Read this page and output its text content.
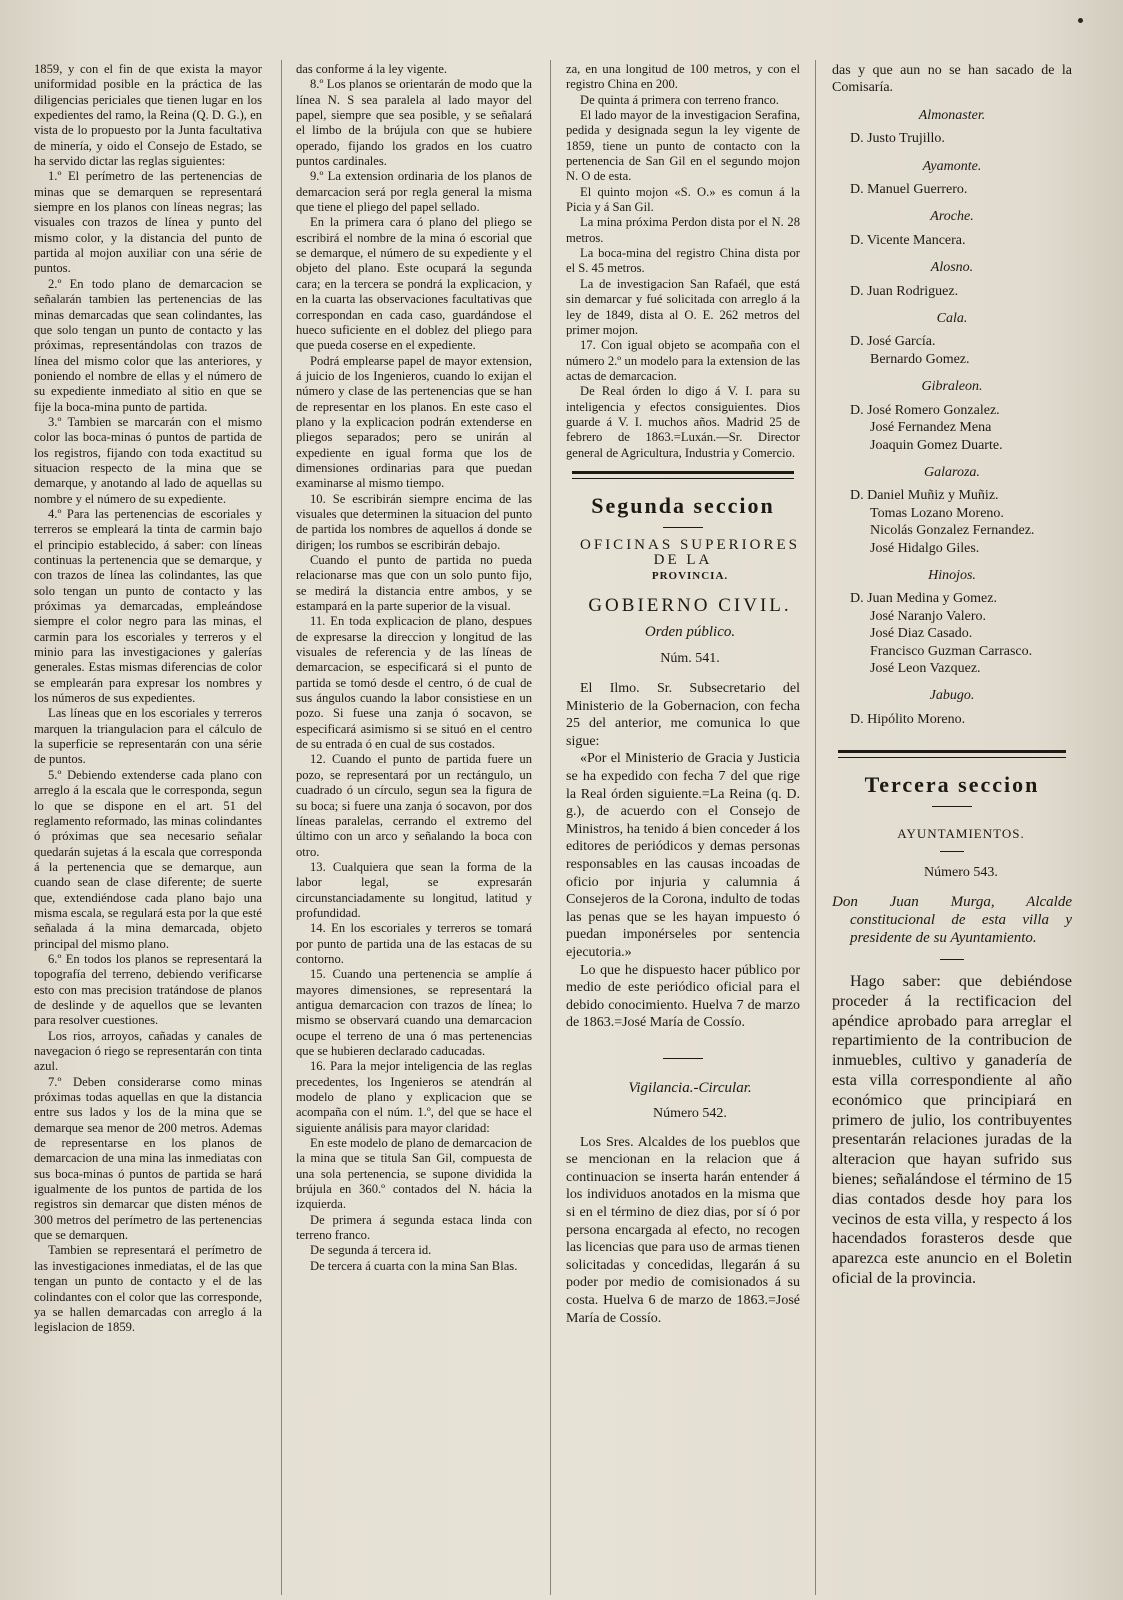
1859, y con el fin de que exista la mayor uniformidad posible en la práctica de las diligencias periciales que tienen lugar en los expedientes del ramo, la Reina (Q. D. G.), en vista de lo propuesto por la Junta facultativa de minería, y oido el Consejo de Estado, se ha servido dictar las reglas siguientes:

1.º El perímetro de las pertenencias de minas que se demarquen se representará siempre en los planos con líneas negras; las visuales con trazos de línea y punto del mismo color, y la distancia del punto de partida al mojon auxiliar con una série de puntos.

2.º En todo plano de demarcacion se señalarán tambien las pertenencias de las minas demarcadas que sean colindantes, las que solo tengan un punto de contacto y las próximas, representándolas con trazos de línea del mismo color que las anteriores, y poniendo el nombre de ellas y el número de su expediente inmediato al sitio en que se fije la boca-mina punto de partida.

3.º Tambien se marcarán con el mismo color las boca-minas ó puntos de partida de los registros, fijando con toda exactitud su situacion respecto de la mina que se demarque, y anotando al lado de aquellas su nombre y el número de su expediente.

4.º Para las pertenencias de escoriales y terreros se empleará la tinta de carmin bajo el principio establecido, á saber: con líneas continuas la pertenencia que se demarque, y con trazos de línea las colindantes, las que solo tengan un punto de contacto y las próximas ya demarcadas, empleándose siempre el color negro para las minas, el carmin para los escoriales y terreros y el minio para las investigaciones y galerías generales. Estas mismas diferencias de color se emplearán para expresar los nombres y los números de sus expedientes.

Las líneas que en los escoriales y terreros marquen la triangulacion para el cálculo de la superficie se representarán con una série de puntos.

5.º Debiendo extenderse cada plano con arreglo á la escala que le corresponda, segun lo que se dispone en el art. 51 del reglamento reformado, las minas colindantes ó próximas que sea necesario señalar quedarán sujetas á la escala que corresponda á la pertenencia que se demarque, aun cuando sean de clase diferente; de suerte que, extendiéndose cada plano bajo una misma escala, se regulará esta por la que esté señalada á la mina demarcada, objeto principal del mismo plano.

6.º En todos los planos se representará la topografía del terreno, debiendo verificarse esto con mas precision tratándose de planos de deslinde y de aquellos que se levanten para resolver cuestiones.

Los rios, arroyos, cañadas y canales de navegacion ó riego se representarán con tinta azul.

7.º Deben considerarse como minas próximas todas aquellas en que la distancia entre sus lados y los de la mina que se demarque sea menor de 200 metros. Ademas de representarse en los planos de demarcacion de una mina las inmediatas con sus boca-minas ó puntos de partida se hará igualmente de los puntos de partida de los registros sin demarcar que disten ménos de 300 metros del perímetro de las pertenencias que se demarquen.

Tambien se representará el perímetro de las investigaciones inmediatas, el de las que tengan un punto de contacto y el de las colindantes con el color que las corresponde, ya se hallen demarcadas con arreglo á la legislacion de 1859.

das conforme á la ley vigente.

8.º Los planos se orientarán de modo que la línea N. S sea paralela al lado mayor del papel, siempre que sea posible, y se señalará el limbo de la brújula con que se hubiere operado, fijando los grados en los cuatro puntos cardinales.

9.º La extension ordinaria de los planos de demarcacion será por regla general la misma que tiene el pliego del papel sellado.

En la primera cara ó plano del pliego se escribirá el nombre de la mina ó escorial que se demarque, el número de su expediente y el objeto del plano. Este ocupará la segunda cara; en la tercera se pondrá la explicacion, y en la cuarta las observaciones facultativas que correspondan en cada caso, guardándose el hueco suficiente en el doblez del pliego para que pueda coserse en el expediente.

Podrá emplearse papel de mayor extension, á juicio de los Ingenieros, cuando lo exijan el número y clase de las pertenencias que se han de representar en los planos. En este caso el plano y la explicacion podrán extenderse en pliegos separados; pero se unirán al expediente en igual forma que los de dimensiones ordinarias para que puedan examinarse al mismo tiempo.

10. Se escribirán siempre encima de las visuales que determinen la situacion del punto de partida los nombres de aquellos á donde se dirigen; los rumbos se escribirán debajo.

Cuando el punto de partida no pueda relacionarse mas que con un solo punto fijo, se medirá la distancia entre ambos, y se estampará en la parte superior de la visual.

11. En toda explicacion de plano, despues de expresarse la direccion y longitud de las visuales de referencia y de las líneas de demarcacion, se especificará si el punto de partida se tomó desde el centro, ó de cual de sus ángulos cuando la labor consistiese en un pozo. Si fuese una zanja ó socavon, se especificará asimismo si se situó en el centro de su entrada ó en cual de sus costados.

12. Cuando el punto de partida fuere un pozo, se representará por un rectángulo, un cuadrado ó un círculo, segun sea la figura de su boca; si fuere una zanja ó socavon, por dos líneas paralelas, cerrando el extremo del último con un arco y señalando la boca con otro.

13. Cualquiera que sean la forma de la labor legal, se expresarán circunstanciadamente su longitud, latitud y profundidad.

14. En los escoriales y terreros se tomará por punto de partida una de las estacas de su contorno.

15. Cuando una pertenencia se amplíe á mayores dimensiones, se representará la antigua demarcacion con trazos de línea; lo mismo se observará cuando una demarcacion ocupe el terreno de una ó mas pertenencias que se hubieren declarado caducadas.

16. Para la mejor inteligencia de las reglas precedentes, los Ingenieros se atendrán al modelo de plano y explicacion que se acompaña con el núm. 1.º, del que se hace el siguiente análisis para mayor claridad:

En este modelo de plano de demarcacion de la mina que se titula San Gil, compuesta de una sola pertenencia, se supone dividida la brújula en 360.º contados del N. hácia la izquierda.

De primera á segunda estaca linda con terreno franco.

De segunda á tercera id.

De tercera á cuarta con la mina San Blas.

za, en una longitud de 100 metros, y con el registro China en 200.

De quinta á primera con terreno franco.

El lado mayor de la investigacion Serafina, pedida y designada segun la ley vigente de 1859, tiene un punto de contacto con la pertenencia de San Gil en el segundo mojon N. O de esta.

El quinto mojon «S. O.» es comun á la Picia y á San Gil.

La mina próxima Perdon dista por el N. 28 metros.

La boca-mina del registro China dista por el S. 45 metros.

La de investigacion San Rafaél, que está sin demarcar y fué solicitada con arreglo á la ley de 1849, dista al O. E. 262 metros del primer mojon.

17. Con igual objeto se acompaña con el número 2.º un modelo para la extension de las actas de demarcacion.

De Real órden lo digo á V. I. para su inteligencia y efectos consiguientes. Dios guarde á V. I. muchos años. Madrid 25 de febrero de 1863.=Luxán.—Sr. Director general de Agricultura, Industria y Comercio.

Segunda seccion

OFICINAS SUPERIORES DE LA

PROVINCIA.

GOBIERNO CIVIL.

Orden público.

Núm. 541.

El Ilmo. Sr. Subsecretario del Ministerio de la Gobernacion, con fecha 25 del anterior, me comunica lo que sigue:

«Por el Ministerio de Gracia y Justicia se ha expedido con fecha 7 del que rige la Real órden siguiente.=La Reina (q. D. g.), de acuerdo con el Consejo de Ministros, ha tenido á bien conceder á los editores de periódicos y demas personas responsables en las causas incoadas de oficio por injuria y calumnia á Consejeros de la Corona, indulto de todas las penas que se les hayan impuesto ó puedan imponérseles por sentencia ejecutoria.»

Lo que he dispuesto hacer público por medio de este periódico oficial para el debido conocimiento. Huelva 7 de marzo de 1863.=José María de Cossío.

Vigilancia.-Circular.

Número 542.

Los Sres. Alcaldes de los pueblos que se mencionan en la relacion que á continuacion se inserta harán entender á los individuos anotados en la misma que si en el término de diez dias, por sí ó por persona encargada al efecto, no recogen las licencias que para uso de armas tienen solicitadas y concedidas, llegarán á su poder por medio de comisionados á su costa. Huelva 6 de marzo de 1863.=José María de Cossío.

das y que aun no se han sacado de la Comisaría.

Almonaster.

D. Justo Trujillo.

Ayamonte.

D. Manuel Guerrero.

Aroche.

D. Vicente Mancera.

Alosno.

D. Juan Rodriguez.

Cala.

D. José García.

Bernardo Gomez.

Gibraleon.

D. José Romero Gonzalez.

José Fernandez Mena

Joaquin Gomez Duarte.

Galaroza.

D. Daniel Muñiz y Muñiz.

Tomas Lozano Moreno.

Nicolás Gonzalez Fernandez.

José Hidalgo Giles.

Hinojos.

D. Juan Medina y Gomez.

José Naranjo Valero.

José Diaz Casado.

Francisco Guzman Carrasco.

José Leon Vazquez.

Jabugo.

D. Hipólito Moreno.

Tercera seccion

AYUNTAMIENTOS.

Número 543.

Don Juan Murga, Alcalde constitucional de esta villa y presidente de su Ayuntamiento.

Hago saber: que debiéndose proceder á la rectificacion del apéndice aprobado para arreglar el repartimiento de la contribucion de inmuebles, cultivo y ganadería de esta villa correspondiente al año económico que principiará en primero de julio, los contribuyentes presentarán relaciones juradas de la alteracion que hayan sufrido sus bienes; señalándose el término de 15 dias contados desde hoy para los vecinos de esta villa, y respecto á los hacendados forasteros desde que aparezca este anuncio en el Boletin oficial de la provincia.
